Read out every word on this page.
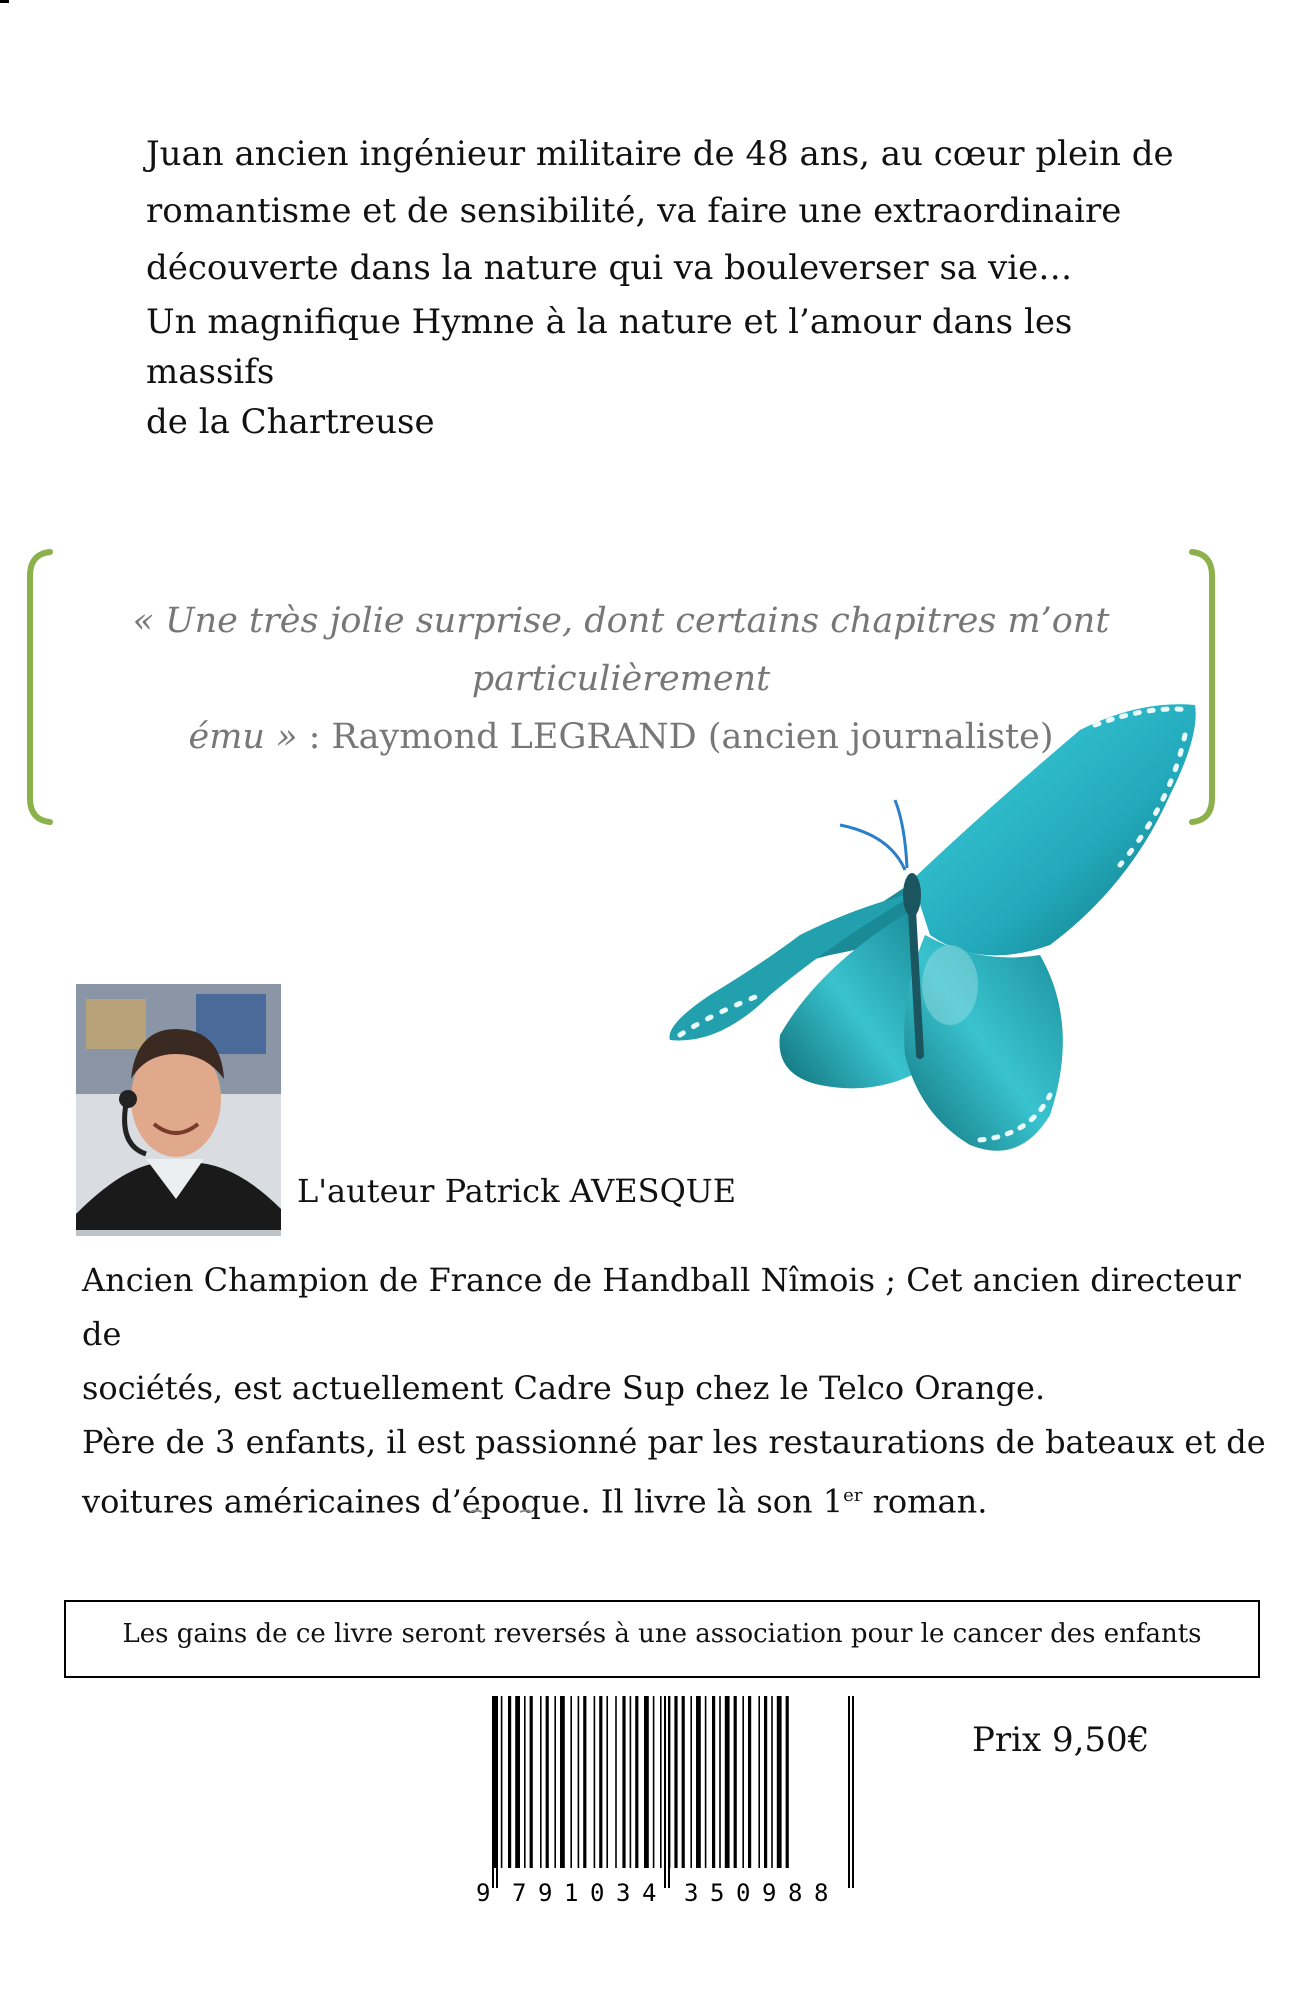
Juan ancien ingénieur militaire de 48 ans, au cœur plein de
romantisme et de sensibilité, va faire une extraordinaire
découverte dans la nature qui va bouleverser sa vie…
Un magnifique Hymne à la nature et l’amour dans les massifs
de la Chartreuse
« Une très jolie surprise, dont certains chapitres m’ont particulièrement
ému » : Raymond LEGRAND (ancien journaliste)
L'auteur Patrick AVESQUE
Ancien Champion de France de Handball Nîmois ; Cet ancien directeur de
sociétés, est actuellement Cadre Sup chez le Telco Orange.
Père de 3 enfants, il est passionné par les restaurations de bateaux et de
voitures américaines d’époque. Il livre là son 1er roman.
Les gains de ce livre seront reversés à une association pour le cancer des enfants
9 7 9 1 0 3 4 3 5 0 9 8 8
Prix 9,50€
